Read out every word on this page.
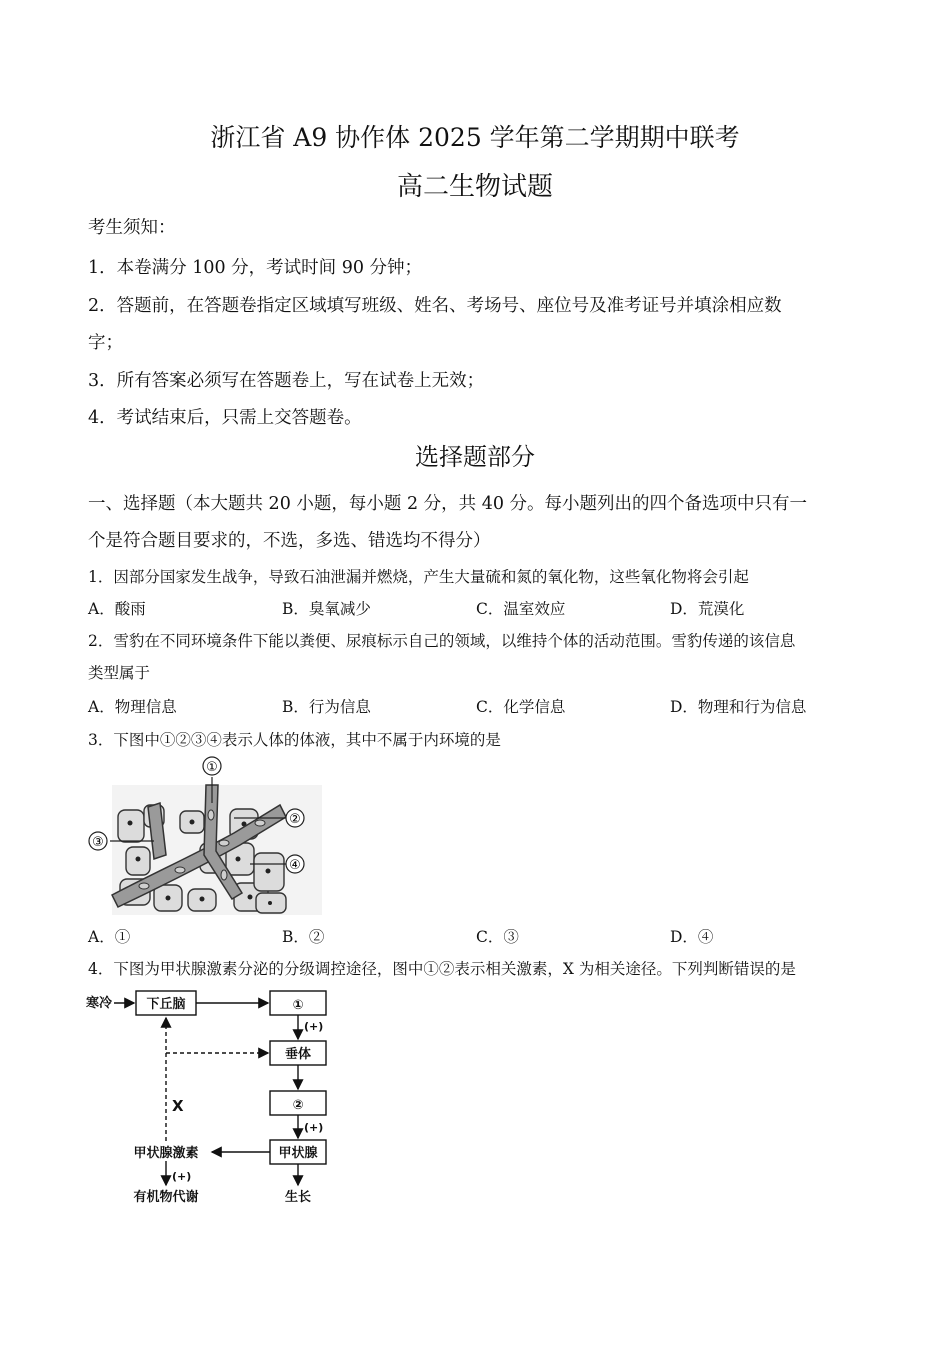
浙江省 A9 协作体 2025 学年第二学期期中联考
高二生物试题
考生须知：
1．本卷满分 100 分，考试时间 90 分钟；
2．答题前，在答题卷指定区域填写班级、姓名、考场号、座位号及准考证号并填涂相应数
字；
3．所有答案必须写在答题卷上，写在试卷上无效；
4．考试结束后，只需上交答题卷。
选择题部分
一、选择题（本大题共 20 小题，每小题 2 分，共 40 分。每小题列出的四个备选项中只有一
个是符合题目要求的，不选，多选、错选均不得分）
1．因部分国家发生战争，导致石油泄漏并燃烧，产生大量硫和氮的氧化物，这些氧化物将会引起
A．酸雨	B．臭氧减少	C．温室效应	D．荒漠化
2．雪豹在不同环境条件下能以粪便、尿痕标示自己的领域，以维持个体的活动范围。雪豹传递的该信息
类型属于
A．物理信息	B．行为信息	C．化学信息	D．物理和行为信息
3．下图中①②③④表示人体的体液，其中不属于内环境的是
①
②
③
④
A．①	B．②	C．③	D．④
4．下图为甲状腺激素分泌的分级调控途径，图中①②表示相关激素，X 为相关途径。下列判断错误的是
寒冷	下丘脑	①
垂体
②
甲状腺
甲状腺激素
有机物代谢	生长
(+)
(+)
(+)
X
